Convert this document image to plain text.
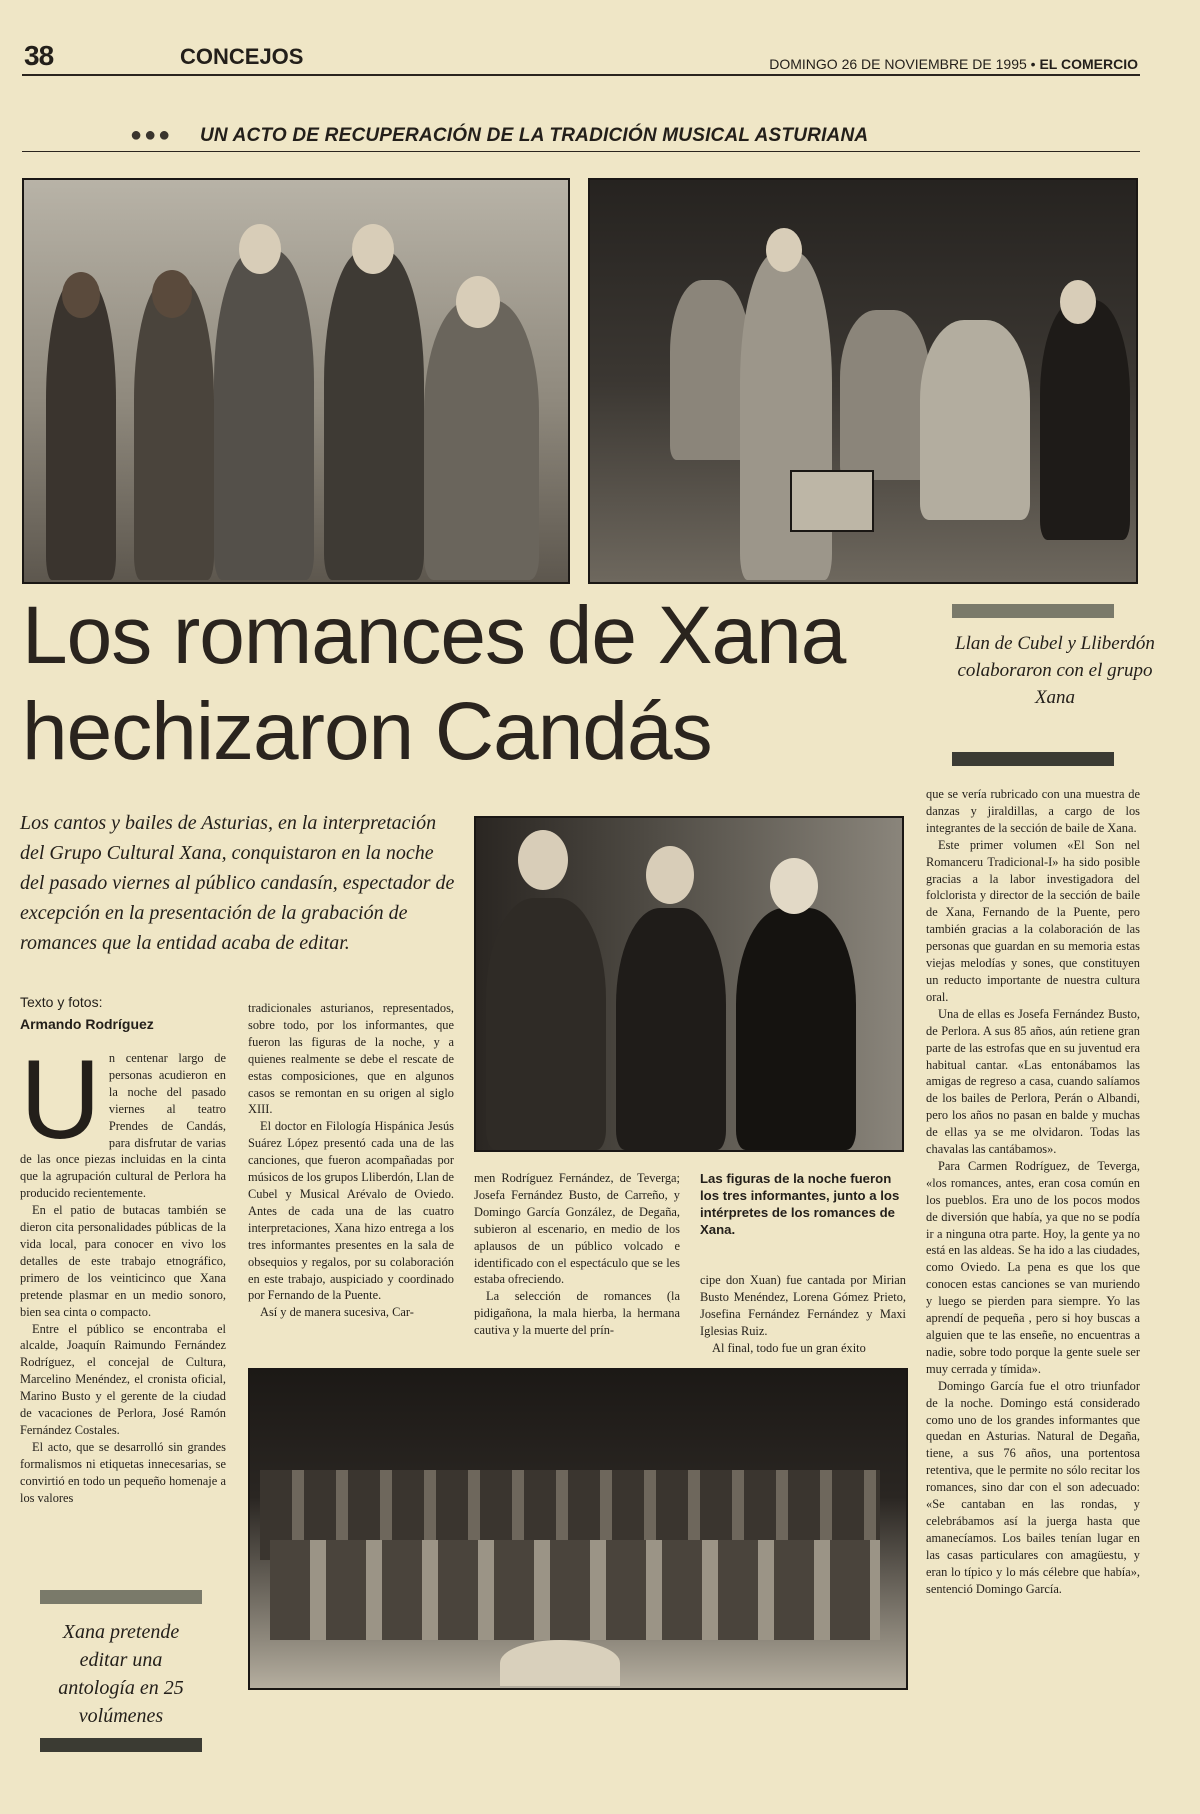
38	CONCEJOS	DOMINGO 26 DE NOVIEMBRE DE 1995 • EL COMERCIO
●●● UN ACTO DE RECUPERACIÓN DE LA TRADICIÓN MUSICAL ASTURIANA
Los romances de Xana
hechizaron Candás
Llan de Cubel y Lliberdón colaboraron con el grupo Xana
Los cantos y bailes de Asturias, en la interpretación del Grupo Cultural Xana, conquistaron en la noche del pasado viernes al público candasín, espectador de excepción en la presentación de la grabación de romances que la entidad acaba de editar.
Texto y fotos:
Armando Rodríguez
Las figuras de la noche fueron los tres informantes, junto a los intérpretes de los romances de Xana.
U n centenar largo de personas acudieron en la noche del pasado viernes al teatro Prendes de Candás, para disfrutar de varias de las once piezas incluidas en la cinta que la agrupación cultural de Perlora ha producido recientemente.

En el patio de butacas también se dieron cita personalidades públicas de la vida local, para conocer en vivo los detalles de este trabajo etnográfico, primero de los veinticinco que Xana pretende plasmar en un medio sonoro, bien sea cinta o compacto.

Entre el público se encontraba el alcalde, Joaquín Raimundo Fernández Rodríguez, el concejal de Cultura, Marcelino Menéndez, el cronista oficial, Marino Busto y el gerente de la ciudad de vacaciones de Perlora, José Ramón Fernández Costales.

El acto, que se desarrolló sin grandes formalismos ni etiquetas innecesarias, se convirtió en todo un pequeño homenaje a los valores

tradicionales asturianos, representados, sobre todo, por los informantes, que fueron las figuras de la noche, y a quienes realmente se debe el rescate de estas composiciones, que en algunos casos se remontan en su origen al siglo XIII.

El doctor en Filología Hispánica Jesús Suárez López presentó cada una de las canciones, que fueron acompañadas por músicos de los grupos Lliberdón, Llan de Cubel y Musical Arévalo de Oviedo. Antes de cada una de las cuatro interpretaciones, Xana hizo entrega a los tres informantes presentes en la sala de obsequios y regalos, por su colaboración en este trabajo, auspiciado y coordinado por Fernando de la Puente.

Así y de manera sucesiva, Car-

men Rodríguez Fernández, de Teverga; Josefa Fernández Busto, de Carreño, y Domingo García González, de Degaña, subieron al escenario, en medio de los aplausos de un público volcado e identificado con el espectáculo que se les estaba ofreciendo.

La selección de romances (la pidigañona, la mala hierba, la hermana cautiva y la muerte del prín-

cipe don Xuan) fue cantada por Mirian Busto Menéndez, Lorena Gómez Prieto, Josefina Fernández Fernández y Maxi Iglesias Ruiz.

Al final, todo fue un gran éxito

que se vería rubricado con una muestra de danzas y jiraldillas, a cargo de los integrantes de la sección de baile de Xana.

Este primer volumen «El Son nel Romanceru Tradicional-I» ha sido posible gracias a la labor investigadora del folclorista y director de la sección de baile de Xana, Fernando de la Puente, pero también gracias a la colaboración de las personas que guardan en su memoria estas viejas melodías y sones, que constituyen un reducto importante de nuestra cultura oral.

Una de ellas es Josefa Fernández Busto, de Perlora. A sus 85 años, aún retiene gran parte de las estrofas que en su juventud era habitual cantar. «Las entonábamos las amigas de regreso a casa, cuando salíamos de los bailes de Perlora, Perán o Albandi, pero los años no pasan en balde y muchas de ellas ya se me olvidaron. Todas las chavalas las cantábamos».

Para Carmen Rodríguez, de Teverga, «los romances, antes, eran cosa común en los pueblos. Era uno de los pocos modos de diversión que había, ya que no se podía ir a ninguna otra parte. Hoy, la gente ya no está en las aldeas. Se ha ido a las ciudades, como Oviedo. La pena es que los que conocen estas canciones se van muriendo y luego se pierden para siempre. Yo las aprendí de pequeña , pero si hoy buscas a alguien que te las enseñe, no encuentras a nadie, sobre todo porque la gente suele ser muy cerrada y tímida».

Domingo García fue el otro triunfador de la noche. Domingo está considerado como uno de los grandes informantes que quedan en Asturias. Natural de Degaña, tiene, a sus 76 años, una portentosa retentiva, que le permite no sólo recitar los romances, sino dar con el son adecuado: «Se cantaban en las rondas, y celebrábamos así la juerga hasta que amanecíamos. Los bailes tenían lugar en las casas particulares con amagüestu, y eran lo típico y lo más célebre que había», sentenció Domingo García.

Xana pretende editar una antología en 25 volúmenes
